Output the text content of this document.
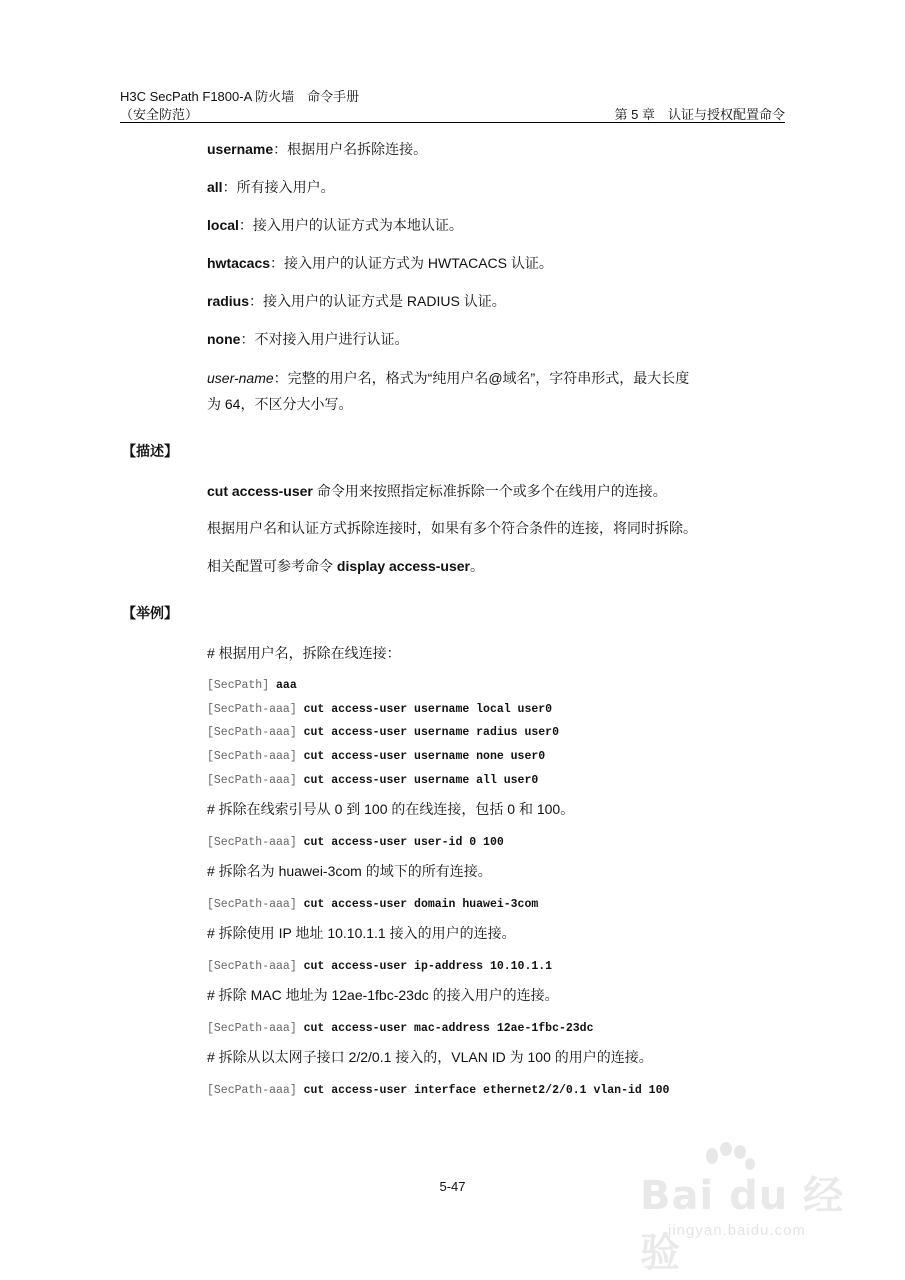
H3C SecPath F1800-A 防火墙　命令手册
（安全防范）	第 5 章　认证与授权配置命令
username：根据用户名拆除连接。
all：所有接入用户。
local：接入用户的认证方式为本地认证。
hwtacacs：接入用户的认证方式为 HWTACACS 认证。
radius：接入用户的认证方式是 RADIUS 认证。
none：不对接入用户进行认证。
user-name：完整的用户名，格式为“纯用户名@域名”，字符串形式，最大长度
为 64，不区分大小写。
【描述】
cut access-user 命令用来按照指定标准拆除一个或多个在线用户的连接。
根据用户名和认证方式拆除连接时，如果有多个符合条件的连接，将同时拆除。
相关配置可参考命令 display access-user。
【举例】
# 根据用户名，拆除在线连接：
[SecPath] aaa
[SecPath-aaa] cut access-user username local user0
[SecPath-aaa] cut access-user username radius user0
[SecPath-aaa] cut access-user username none user0
[SecPath-aaa] cut access-user username all user0
# 拆除在线索引号从 0 到 100 的在线连接，包括 0 和 100。
[SecPath-aaa] cut access-user user-id 0 100
# 拆除名为 huawei-3com 的域下的所有连接。
[SecPath-aaa] cut access-user domain huawei-3com
# 拆除使用 IP 地址 10.10.1.1 接入的用户的连接。
[SecPath-aaa] cut access-user ip-address 10.10.1.1
# 拆除 MAC 地址为 12ae-1fbc-23dc 的接入用户的连接。
[SecPath-aaa] cut access-user mac-address 12ae-1fbc-23dc
# 拆除从以太网子接口 2/2/0.1 接入的，VLAN ID 为 100 的用户的连接。
[SecPath-aaa] cut access-user interface ethernet2/2/0.1 vlan-id 100
5-47	Bai du 经验
jingyan.baidu.com
